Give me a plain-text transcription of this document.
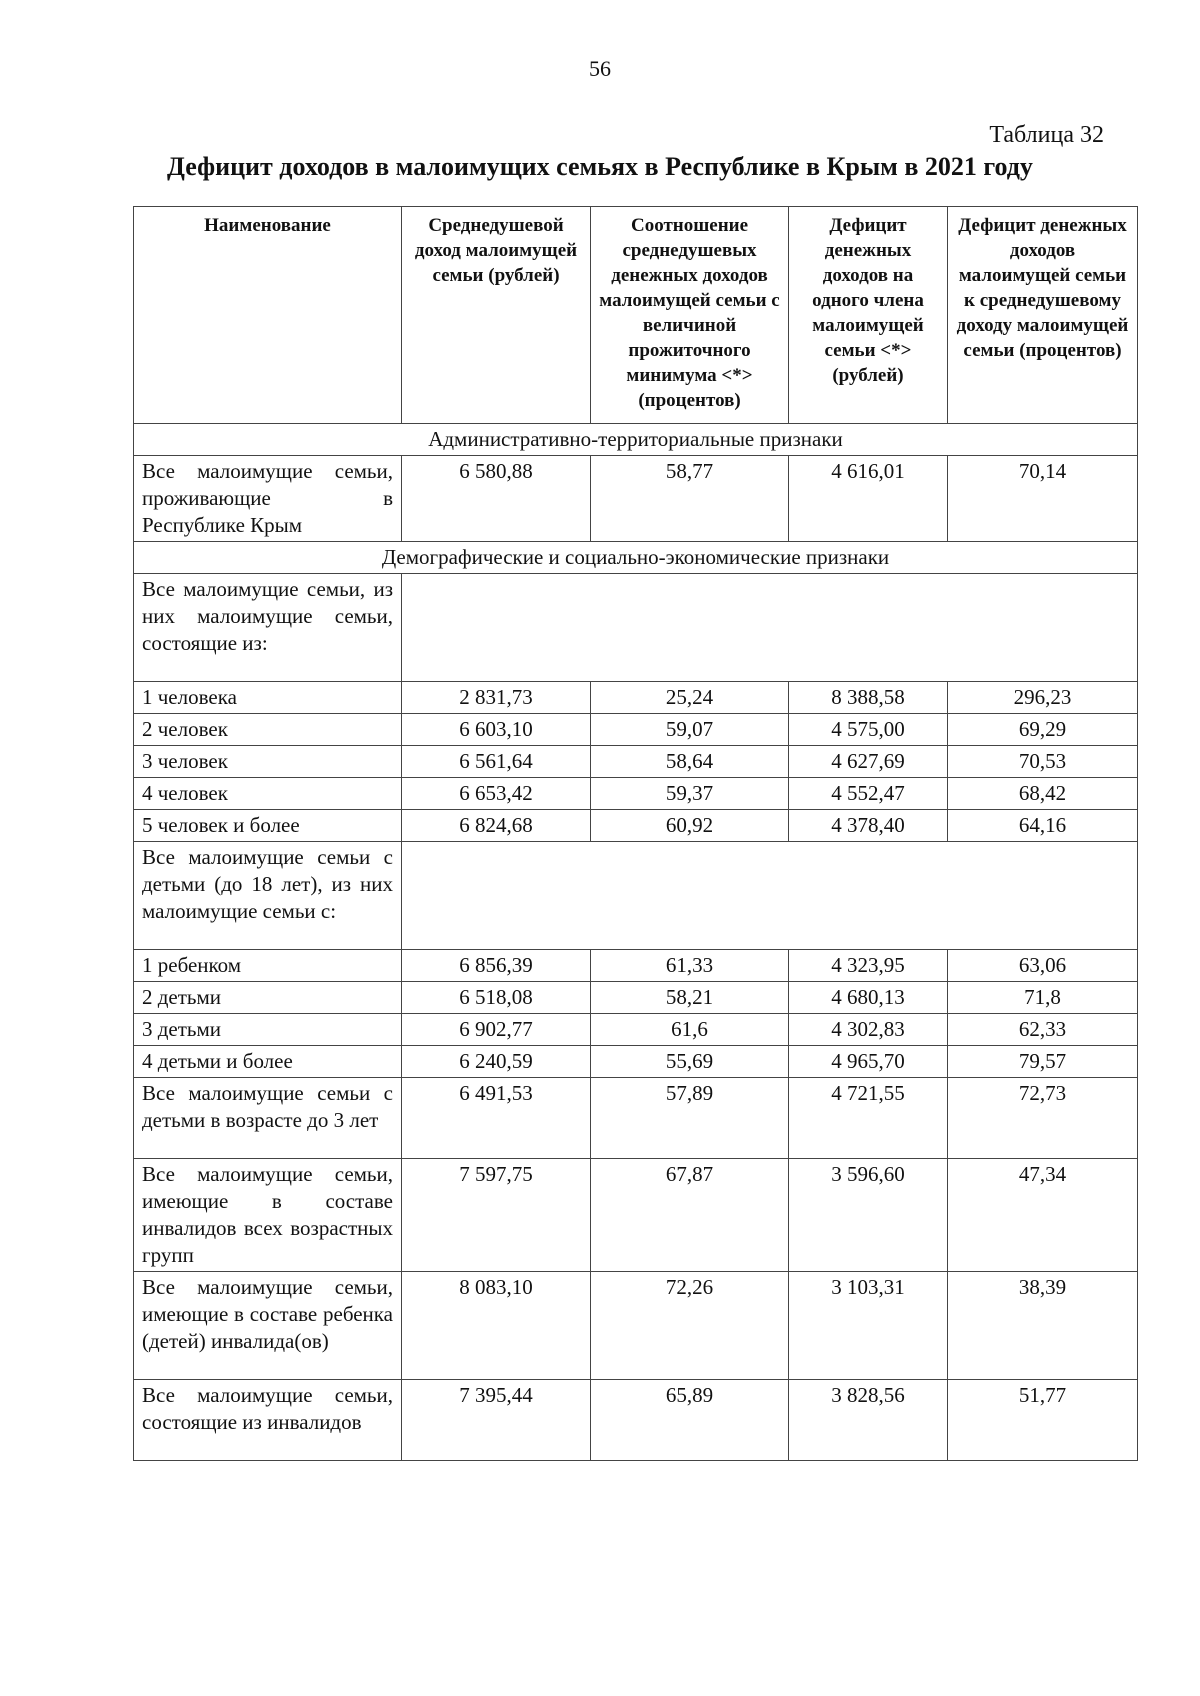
56
Таблица 32
Дефицит доходов в малоимущих семьях в Республике в Крым в 2021 году
Наименование	Среднедушевой доход малоимущей семьи (рублей)	Соотношение среднедушевых денежных доходов малоимущей семьи с величиной прожиточного минимума <*> (процентов)	Дефицит денежных доходов на одного члена малоимущей семьи <*> (рублей)	Дефицит денежных доходов малоимущей семьи к среднедушевому доходу малоимущей семьи (процентов)
Административно-территориальные признаки				
Все малоимущие семьи, проживающие в Республике Крым	6 580,88	58,77	4 616,01	70,14
Демографические и социально-экономические признаки				
Все малоимущие семьи, из них малоимущие семьи, состоящие из:				
1 человека	2 831,73	25,24	8 388,58	296,23
2 человек	6 603,10	59,07	4 575,00	69,29
3 человек	6 561,64	58,64	4 627,69	70,53
4 человек	6 653,42	59,37	4 552,47	68,42
5 человек и более	6 824,68	60,92	4 378,40	64,16
Все малоимущие семьи с детьми (до 18 лет), из них малоимущие семьи с:				
1 ребенком	6 856,39	61,33	4 323,95	63,06
2 детьми	6 518,08	58,21	4 680,13	71,8
3 детьми	6 902,77	61,6	4 302,83	62,33
4 детьми и более	6 240,59	55,69	4 965,70	79,57
Все малоимущие семьи с детьми в возрасте до 3 лет	6 491,53	57,89	4 721,55	72,73
Все малоимущие семьи, имеющие в составе инвалидов всех возрастных групп	7 597,75	67,87	3 596,60	47,34
Все малоимущие семьи, имеющие в составе ребенка (детей) инвалида(ов)	8 083,10	72,26	3 103,31	38,39
Все малоимущие семьи, состоящие из инвалидов	7 395,44	65,89	3 828,56	51,77
